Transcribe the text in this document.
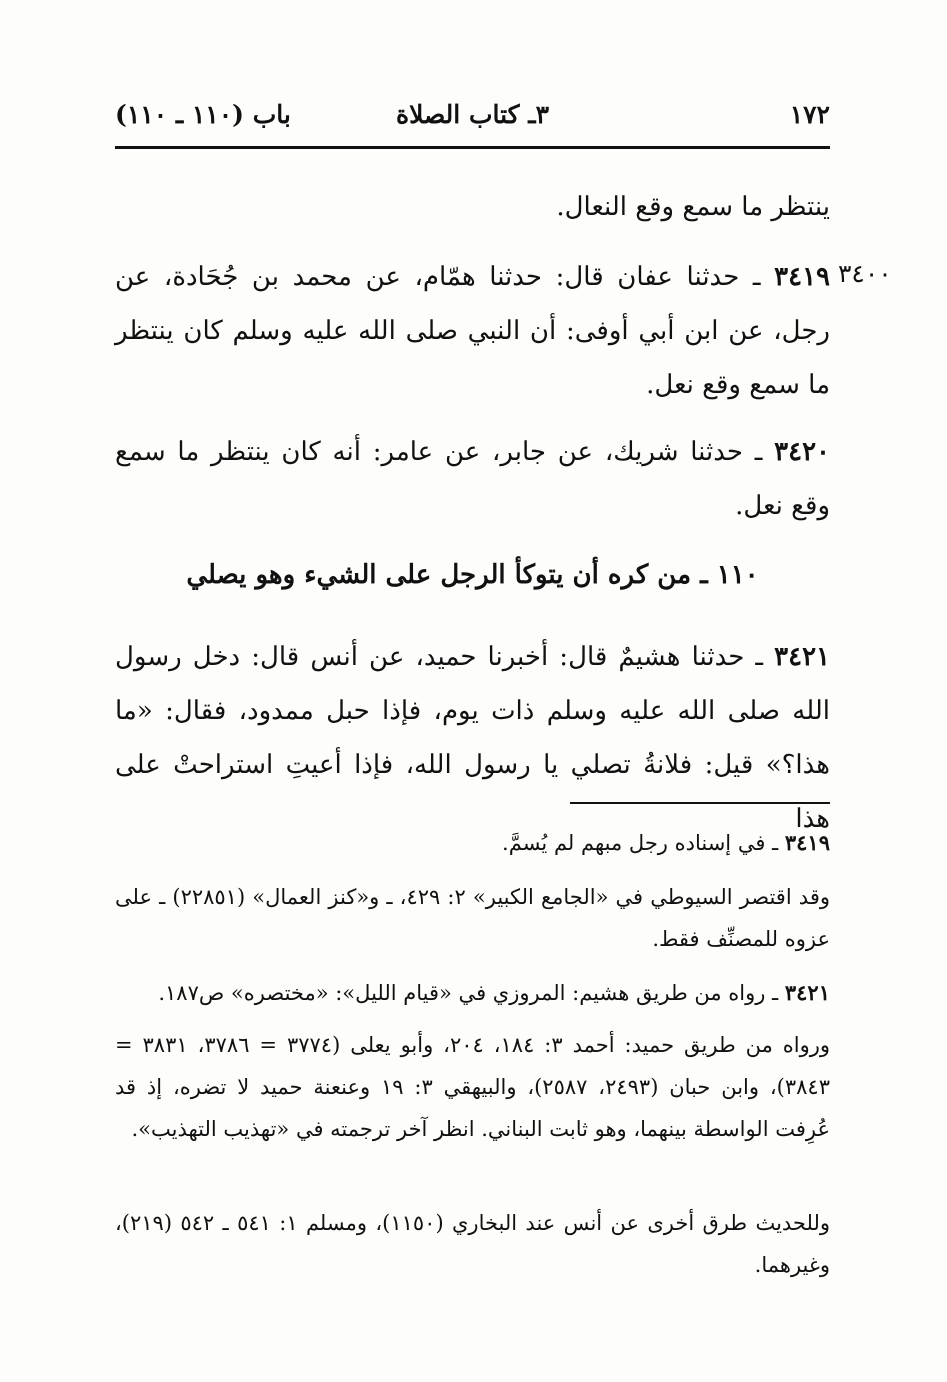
١٧٢
٣ـ كتاب الصلاة
باب (١١٠ ـ ١١٠)
ينتظر ما سمع وقع النعال.
٣٤٠٠
٣٤١٩ ـ حدثنا عفان قال: حدثنا همّام، عن محمد بن جُحَادة، عن رجل، عن ابن أبي أوفى: أن النبي صلى الله عليه وسلم كان ينتظر ما سمع وقع نعل.
٣٤٢٠ ـ حدثنا شريك، عن جابر، عن عامر: أنه كان ينتظر ما سمع وقع نعل.
١١٠ ـ من كره أن يتوكأ الرجل على الشيء وهو يصلي
٣٤٢١ ـ حدثنا هشيمٌ قال: أخبرنا حميد، عن أنس قال: دخل رسول الله صلى الله عليه وسلم ذات يوم، فإذا حبل ممدود، فقال: «ما هذا؟» قيل: فلانةُ تصلي يا رسول الله، فإذا أعيتِ استراحتْ على هذا
٣٤١٩ ـ في إسناده رجل مبهم لم يُسمَّ.
وقد اقتصر السيوطي في «الجامع الكبير» ٢: ٤٢٩، ـ و«كنز العمال» (٢٢٨٥١) ـ على عزوه للمصنِّف فقط.
٣٤٢١ ـ رواه من طريق هشيم: المروزي في «قيام الليل»: «مختصره» ص١٨٧.
ورواه من طريق حميد: أحمد ٣: ١٨٤، ٢٠٤، وأبو يعلى (٣٧٧٤ = ٣٧٨٦، ٣٨٣١ = ٣٨٤٣)، وابن حبان (٢٤٩٣، ٢٥٨٧)، والبيهقي ٣: ١٩ وعنعنة حميد لا تضره، إذ قد عُرِفت الواسطة بينهما، وهو ثابت البناني. انظر آخر ترجمته في «تهذيب التهذيب».
وللحديث طرق أخرى عن أنس عند البخاري (١١٥٠)، ومسلم ١: ٥٤١ ـ ٥٤٢ (٢١٩)، وغيرهما.
